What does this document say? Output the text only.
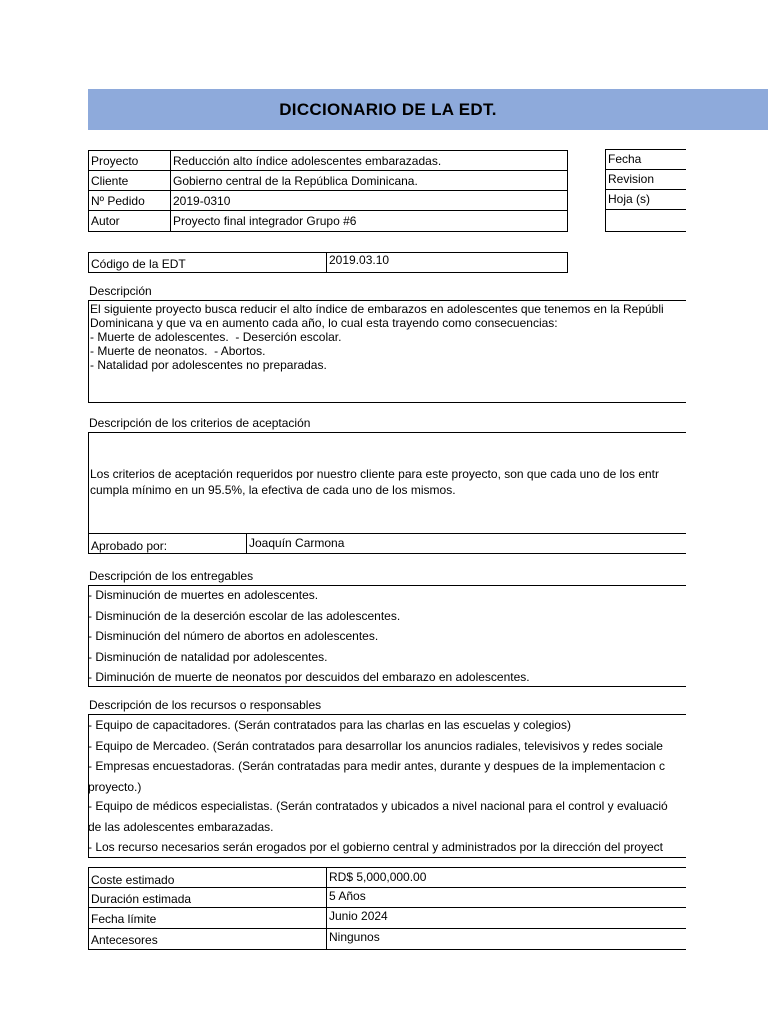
DICCIONARIO DE LA EDT.
Proyecto	Reducción alto índice adolescentes embarazadas.
Cliente	Gobierno central de la República Dominicana.
Nº Pedido	2019-0310
Autor	Proyecto final integrador Grupo #6
Fecha
Revision
Hoja (s)
Código de la EDT	2019.03.10
Descripción
El siguiente proyecto busca reducir el alto índice de embarazos en adolescentes que tenemos en la Repúbli
Dominicana y que va en aumento cada año, lo cual esta trayendo como consecuencias:
- Muerte de adolescentes.  - Deserción escolar.
- Muerte de neonatos.  - Abortos.
- Natalidad por adolescentes no preparadas.
Descripción de los criterios de aceptación
Los criterios de aceptación requeridos por nuestro cliente para este proyecto, son que cada uno de los entr
cumpla mínimo en un 95.5%, la efectiva de cada uno de los mismos.
Aprobado por:	Joaquín Carmona
Descripción de los entregables
- Disminución de muertes en adolescentes.
- Disminución de la deserción escolar de las adolescentes.
- Disminución del número de abortos en adolescentes.
- Disminución de natalidad por adolescentes.
- Diminución de muerte de neonatos por descuidos del embarazo en adolescentes.
Descripción de los recursos o responsables
- Equipo de capacitadores. (Serán contratados para las charlas en las escuelas y colegios)
- Equipo de Mercadeo. (Serán contratados para desarrollar los anuncios radiales, televisivos y redes sociale
- Empresas encuestadoras. (Serán contratadas para medir antes, durante y despues de la implementacion c
proyecto.)
- Equipo de médicos especialistas. (Serán contratados y ubicados a nivel nacional para el control y evaluació
de las adolescentes embarazadas.
- Los recurso necesarios serán erogados por el gobierno central y administrados por la dirección del proyect
Coste estimado	RD$ 5,000,000.00
Duración estimada	5 Años
Fecha límite	Junio 2024
Antecesores	Ningunos
